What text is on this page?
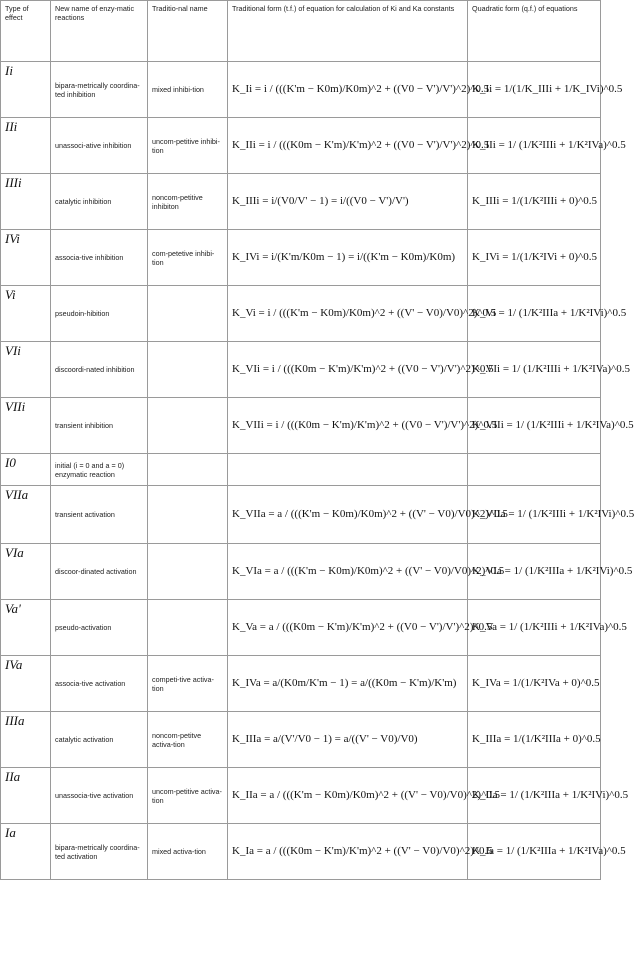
Type of effect	New name of enzy-matic reactions	Traditio-nal name	Traditional form (t.f.) of equation for calculation of Ki and Ka constants	Quadratic form (q.f.) of equations
Ii	bipara-metrically coordina-ted inhibition	mixed inhibi-tion	K_Ii = i / (((K'm − K0m)/K0m)^2 + ((V0 − V')/V')^2)^0.5	K_Ii = 1/(1/K_IIIi + 1/K_IVi)^0.5
IIi	unassoci-ative inhibition	uncom-petitive inhibi-tion	K_IIi = i / (((K0m − K'm)/K'm)^2 + ((V0 − V')/V')^2)^0.5	K_IIi = 1/ (1/K²IIIi + 1/K²IVa)^0.5
IIIi	catalytic inhibition	noncom-petitive inhibiton	K_IIIi = i/(V0/V' − 1) = i/((V0 − V')/V')	K_IIIi = 1/(1/K²IIIi + 0)^0.5
IVi	associa-tive inhibition	com-petetive inhibi-tion	K_IVi = i/(K'm/K0m − 1) = i/((K'm − K0m)/K0m)	K_IVi = 1/(1/K²IVi + 0)^0.5
Vi	pseudoin-hibition		K_Vi = i / (((K'm − K0m)/K0m)^2 + ((V' − V0)/V0)^2)^0.5	K_Vi = 1/ (1/K²IIIa + 1/K²IVi)^0.5
VIi	discoordi-nated inhibition		K_VIi = i / (((K0m − K'm)/K'm)^2 + ((V0 − V')/V')^2)^0.5	K_VIi = 1/ (1/K²IIIi + 1/K²IVa)^0.5
VIIi	transient inhibition		K_VIIi = i / (((K0m − K'm)/K'm)^2 + ((V0 − V')/V')^2)^0.5	K_VIIi = 1/ (1/K²IIIi + 1/K²IVa)^0.5
I0	initial (i = 0 and a = 0) enzymatic reaction			
VIIa	transient activation		K_VIIa = a / (((K'm − K0m)/K0m)^2 + ((V' − V0)/V0)^2)^0.5	K_VIIa = 1/ (1/K²IIIi + 1/K²IVi)^0.5
VIa	discoor-dinated activation		K_VIa = a / (((K'm − K0m)/K0m)^2 + ((V' − V0)/V0)^2)^0.5	K_VIa = 1/ (1/K²IIIa + 1/K²IVi)^0.5
Va'	pseudo-activation		K_Va = a / (((K0m − K'm)/K'm)^2 + ((V0 − V')/V')^2)^0.5	K_Va = 1/ (1/K²IIIi + 1/K²IVa)^0.5
IVa	associa-tive activation	competi-tive activa-tion	K_IVa = a/(K0m/K'm − 1) = a/((K0m − K'm)/K'm)	K_IVa = 1/(1/K²IVa + 0)^0.5
IIIa	catalytic activation	noncom-petitve activa-tion	K_IIIa = a/(V'/V0 − 1) = a/((V' − V0)/V0)	K_IIIa = 1/(1/K²IIIa + 0)^0.5
IIa	unassocia-tive activation	uncom-petitive activa-tion	K_IIa = a / (((K'm − K0m)/K0m)^2 + ((V' − V0)/V0)^2)^0.5	K_IIa = 1/ (1/K²IIIa + 1/K²IVi)^0.5
Ia	bipara-metrically coordina-ted activation	mixed activa-tion	K_Ia = a / (((K0m − K'm)/K'm)^2 + ((V' − V0)/V0)^2)^0.5	K_Ia = 1/ (1/K²IIIa + 1/K²IVa)^0.5
